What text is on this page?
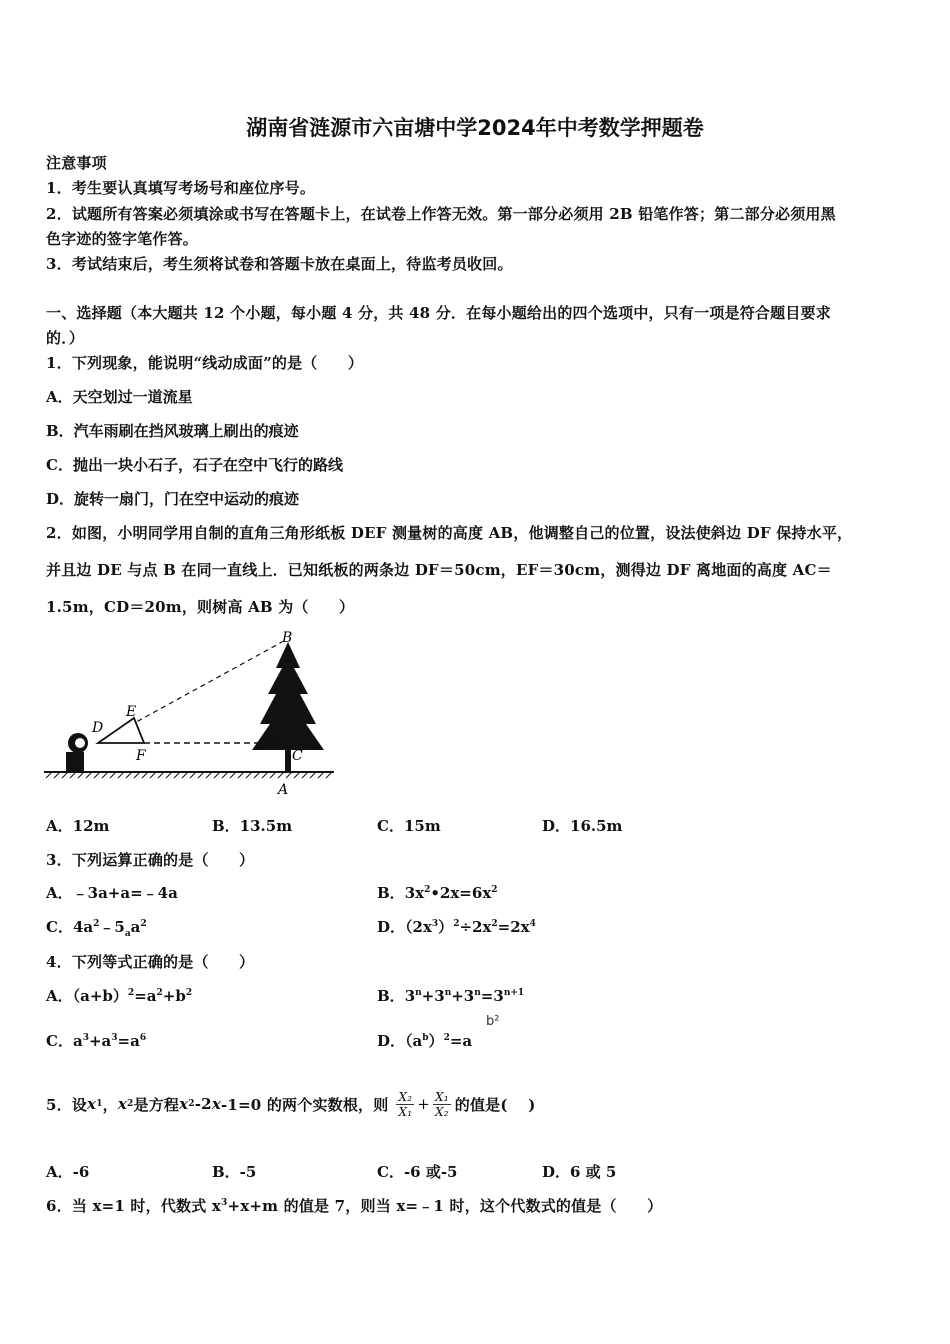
湖南省涟源市六亩塘中学2024年中考数学押题卷
注意事项
1．考生要认真填写考场号和座位序号。
2．试题所有答案必须填涂或书写在答题卡上，在试卷上作答无效。第一部分必须用 2B 铅笔作答；第二部分必须用黑
色字迹的签字笔作答。
3．考试结束后，考生须将试卷和答题卡放在桌面上，待监考员收回。
一、选择题（本大题共 12 个小题，每小题 4 分，共 48 分．在每小题给出的四个选项中，只有一项是符合题目要求
的．）
1．下列现象，能说明“线动成面”的是（　　）
A．天空划过一道流星
B．汽车雨刷在挡风玻璃上刷出的痕迹
C．抛出一块小石子，石子在空中飞行的路线
D．旋转一扇门，门在空中运动的痕迹
2．如图，小明同学用自制的直角三角形纸板 DEF 测量树的高度 AB，他调整自己的位置，设法使斜边 DF 保持水平，
并且边 DE 与点 B 在同一直线上．已知纸板的两条边 DF＝50cm，EF＝30cm，测得边 DF 离地面的高度 AC＝
1.5m，CD＝20m，则树高 AB 为（　　）
B
D
E
F	C
A
A．12m	B．13.5m	C．15m	D．16.5m
3．下列运算正确的是（　　）
A．﹣3a+a=﹣4a	B．$3x^2•2x=6x^2$
C．$4a^2﹣5_aa^2$	D．$(2x^3)^2\div 2x^2=2x^4$
4．下列等式正确的是（　　）
A．$(a+b)^2=a^2+b^2$	B．$3^n+3^n+3^n=3^{n+1}$
C．$a^3+a^3=a^6$	D．$(a^b)^2=a$
b²
5．设 x 1 ， x 2 是方程 x 2 -2 x -1=0 的两个实数根，则 $\frac{\text{X₂}}{\text{X₁}} + \frac{\text{X₁}}{\text{X₂}}$ 的值是(　 )
A．-6	B．-5	C．-6 或-5	D．6 或 5
6．当 x=1 时，代数式 $x^3+x+m$ 的值是 7，则当 x=﹣1 时，这个代数式的值是（　　）
